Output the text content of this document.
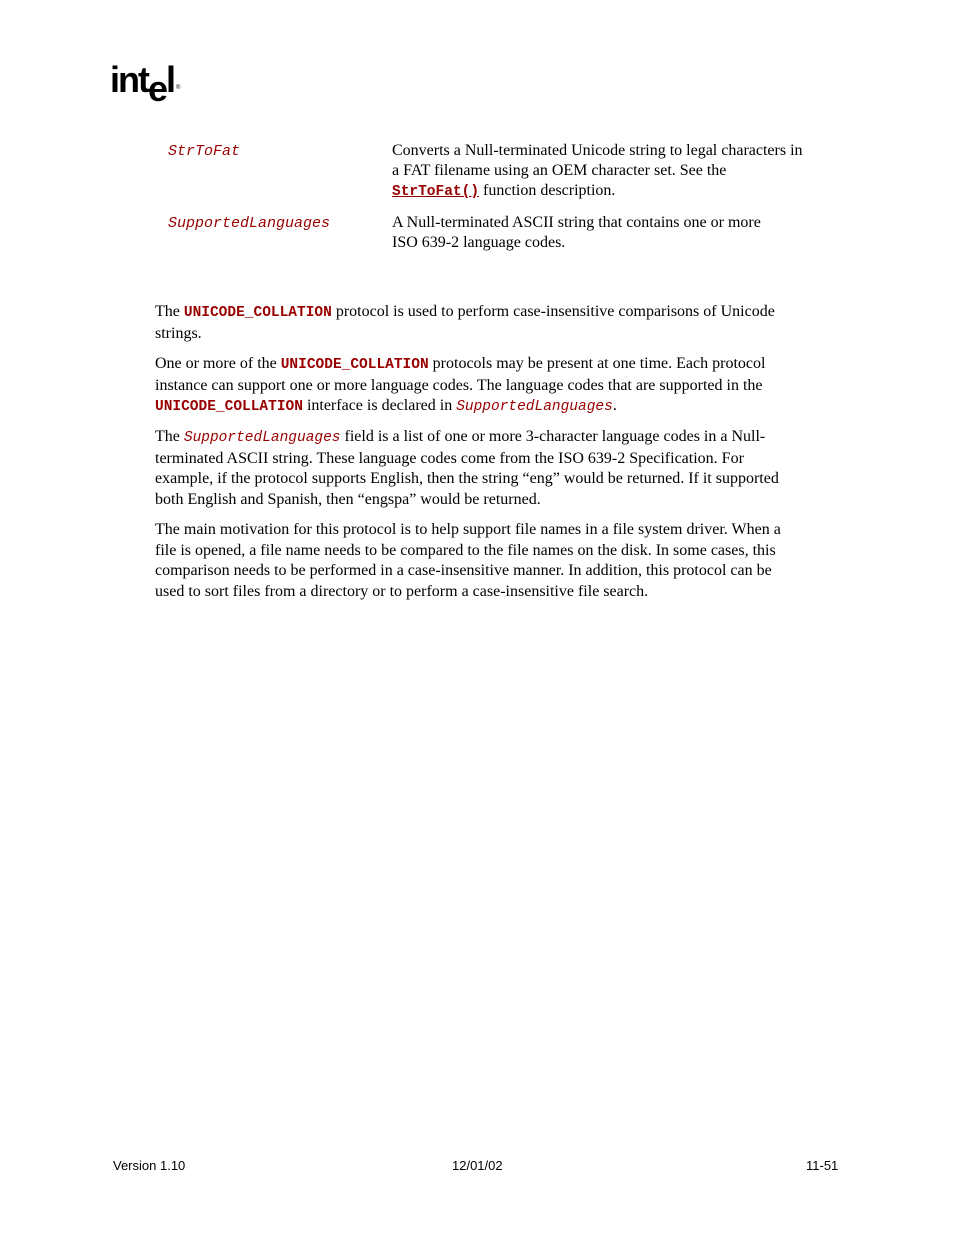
intel ®
StrToFat	Converts a Null-terminated Unicode string to legal characters in
a FAT filename using an OEM character set. See the
StrToFat() function description.
SupportedLanguages	A Null-terminated ASCII string that contains one or more
ISO 639-2 language codes.
The UNICODE_COLLATION protocol is used to perform case-insensitive comparisons of Unicode
strings.
One or more of the UNICODE_COLLATION protocols may be present at one time. Each protocol
instance can support one or more language codes. The language codes that are supported in the
UNICODE_COLLATION interface is declared in SupportedLanguages.
The SupportedLanguages field is a list of one or more 3-character language codes in a Null-
terminated ASCII string. These language codes come from the ISO 639-2 Specification. For
example, if the protocol supports English, then the string “eng” would be returned. If it supported
both English and Spanish, then “engspa” would be returned.
The main motivation for this protocol is to help support file names in a file system driver. When a
file is opened, a file name needs to be compared to the file names on the disk. In some cases, this
comparison needs to be performed in a case-insensitive manner. In addition, this protocol can be
used to sort files from a directory or to perform a case-insensitive file search.
Version 1.10	12/01/02	11-51
